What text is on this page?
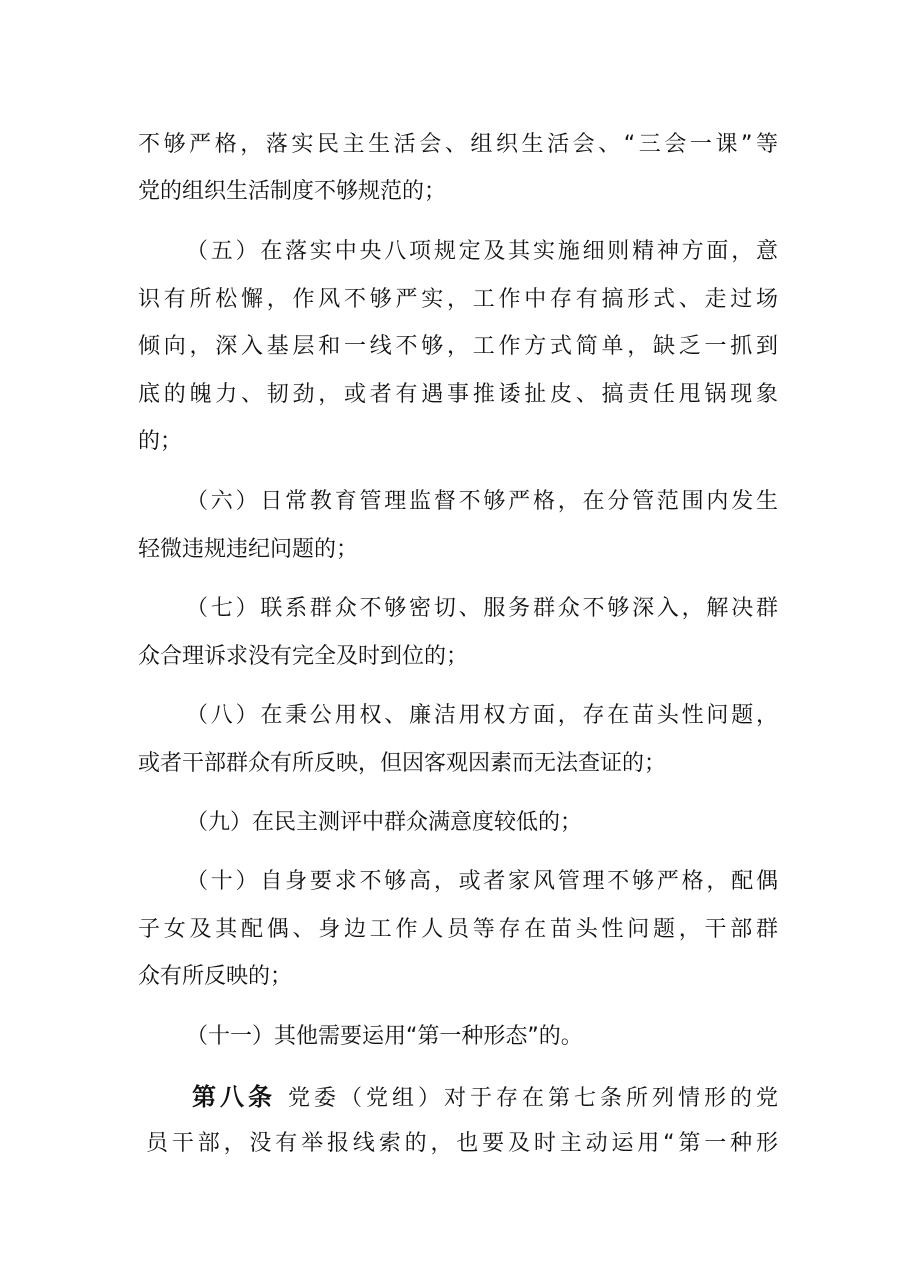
不够严格，落实民主生活会、组织生活会、“三会一课”等
党的组织生活制度不够规范的；
（五）在落实中央八项规定及其实施细则精神方面，意
识有所松懈，作风不够严实，工作中存有搞形式、走过场
倾向，深入基层和一线不够，工作方式简单，缺乏一抓到
底的魄力、韧劲，或者有遇事推诿扯皮、搞责任甩锅现象
的；
（六）日常教育管理监督不够严格，在分管范围内发生
轻微违规违纪问题的；
（七）联系群众不够密切、服务群众不够深入，解决群
众合理诉求没有完全及时到位的；
（八）在秉公用权、廉洁用权方面，存在苗头性问题，
或者干部群众有所反映，但因客观因素而无法查证的；
（九）在民主测评中群众满意度较低的；
（十）自身要求不够高，或者家风管理不够严格，配偶
子女及其配偶、身边工作人员等存在苗头性问题，干部群
众有所反映的；
（十一）其他需要运用“第一种形态”的。
第八条 党委（党组）对于存在第七条所列情形的党
员干部，没有举报线索的，也要及时主动运用“第一种形
